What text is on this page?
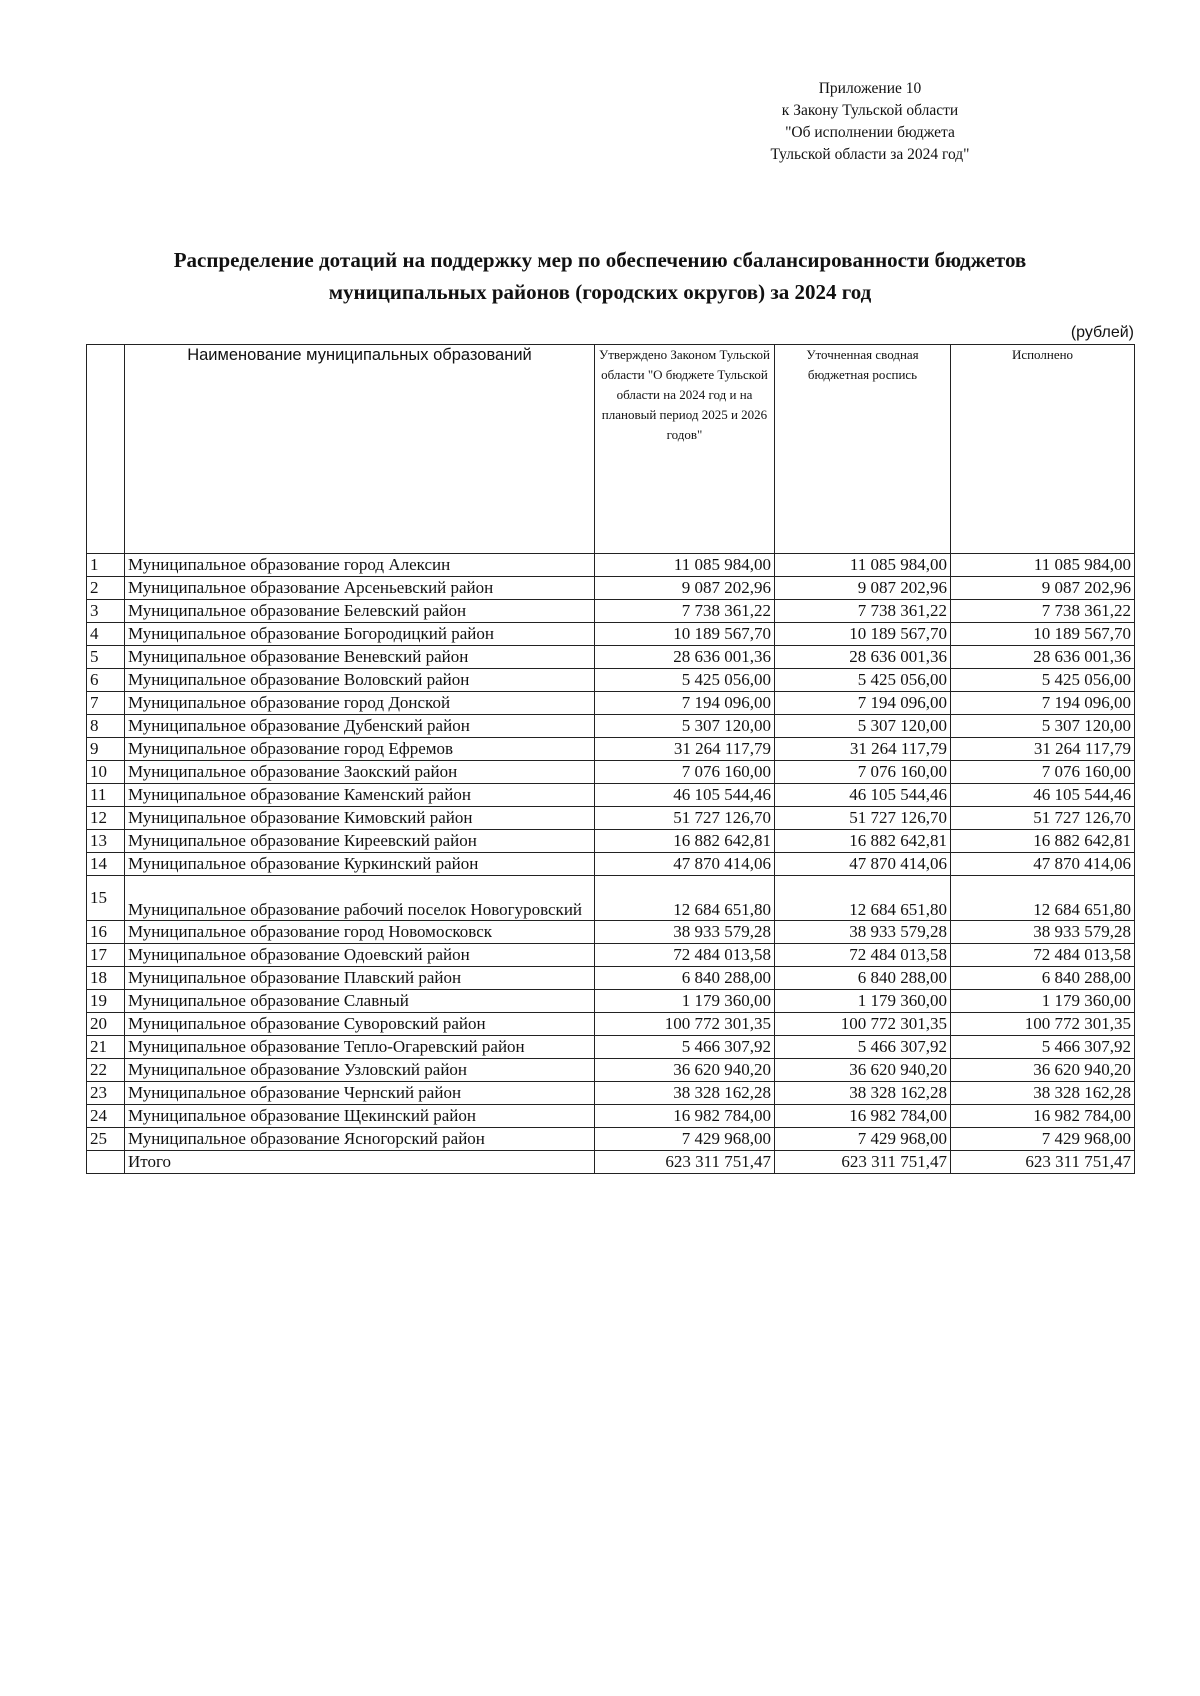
Приложение 10
к Закону Тульской области
"Об исполнении бюджета
Тульской области за 2024 год"
Распределение дотаций на поддержку мер по обеспечению сбалансированности бюджетов
муниципальных районов (городских округов) за 2024 год
(рублей)
	Наименование муниципальных образований	Утверждено Законом Тульской области "О бюджете Тульской области на 2024 год и на плановый период 2025 и 2026 годов"	Уточненная сводная бюджетная роспись	Исполнено
1	Муниципальное образование город Алексин	11 085 984,00	11 085 984,00	11 085 984,00
2	Муниципальное образование Арсеньевский район	9 087 202,96	9 087 202,96	9 087 202,96
3	Муниципальное образование Белевский район	7 738 361,22	7 738 361,22	7 738 361,22
4	Муниципальное образование Богородицкий район	10 189 567,70	10 189 567,70	10 189 567,70
5	Муниципальное образование Веневский район	28 636 001,36	28 636 001,36	28 636 001,36
6	Муниципальное образование Воловский район	5 425 056,00	5 425 056,00	5 425 056,00
7	Муниципальное образование город Донской	7 194 096,00	7 194 096,00	7 194 096,00
8	Муниципальное образование Дубенский район	5 307 120,00	5 307 120,00	5 307 120,00
9	Муниципальное образование город Ефремов	31 264 117,79	31 264 117,79	31 264 117,79
10	Муниципальное образование Заокский район	7 076 160,00	7 076 160,00	7 076 160,00
11	Муниципальное образование Каменский район	46 105 544,46	46 105 544,46	46 105 544,46
12	Муниципальное образование Кимовский район	51 727 126,70	51 727 126,70	51 727 126,70
13	Муниципальное образование Киреевский район	16 882 642,81	16 882 642,81	16 882 642,81
14	Муниципальное образование Куркинский район	47 870 414,06	47 870 414,06	47 870 414,06
15	Муниципальное образование рабочий поселок Новогуровский	12 684 651,80	12 684 651,80	12 684 651,80
16	Муниципальное образование город Новомосковск	38 933 579,28	38 933 579,28	38 933 579,28
17	Муниципальное образование Одоевский район	72 484 013,58	72 484 013,58	72 484 013,58
18	Муниципальное образование Плавский район	6 840 288,00	6 840 288,00	6 840 288,00
19	Муниципальное образование Славный	1 179 360,00	1 179 360,00	1 179 360,00
20	Муниципальное образование Суворовский район	100 772 301,35	100 772 301,35	100 772 301,35
21	Муниципальное образование Тепло-Огаревский район	5 466 307,92	5 466 307,92	5 466 307,92
22	Муниципальное образование Узловский район	36 620 940,20	36 620 940,20	36 620 940,20
23	Муниципальное образование Чернский район	38 328 162,28	38 328 162,28	38 328 162,28
24	Муниципальное образование Щекинский район	16 982 784,00	16 982 784,00	16 982 784,00
25	Муниципальное образование Ясногорский район	7 429 968,00	7 429 968,00	7 429 968,00
	Итого	623 311 751,47	623 311 751,47	623 311 751,47
